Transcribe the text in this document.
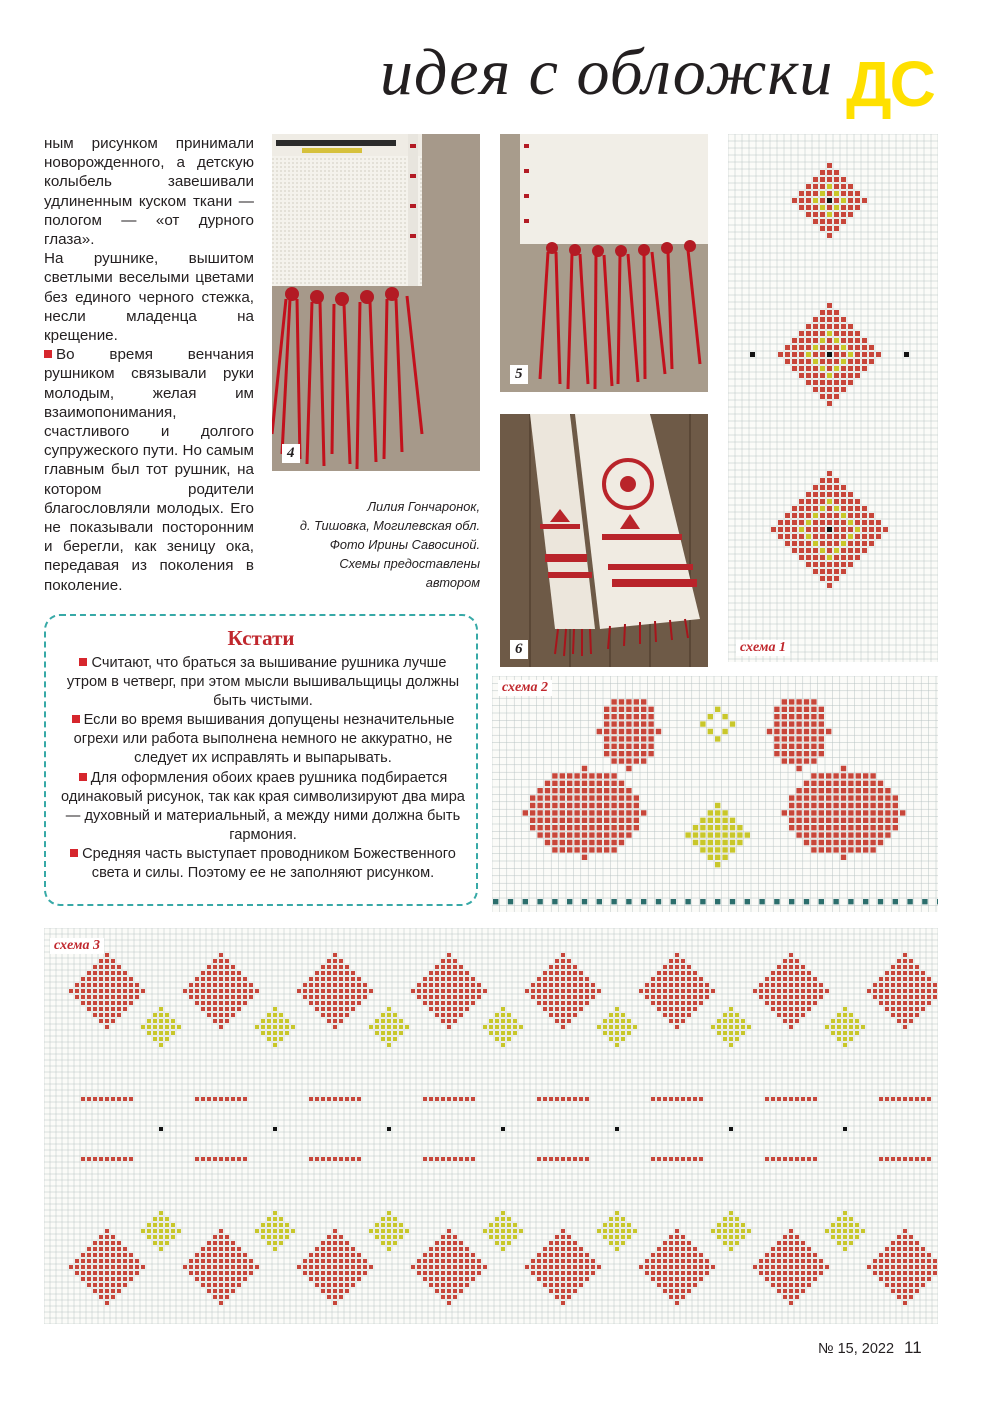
идея с обложки ДС

ным рисунком принимали новорожденного, а детскую колыбель завешивали удлиненным куском ткани — пологом — «от дурного глаза».

На рушнике, вышитом светлыми веселыми цветами без единого черного стежка, несли младенца на крещение.

Во время венчания рушником связывали руки молодым, желая им взаимопонимания, счастливого и долгого супружеского пути. Но самым главным был тот рушник, на котором родители благословляли молодых. Его не показывали посторонним и берегли, как зеницу ока, передавая из поколения в поколение.

4
5
6
Лилия Гончаронок,
д. Тишовка, Могилевская обл.
Фото Ирины Савосиной.
Схемы предоставлены
автором
Кстати

Считают, что браться за вышивание рушника лучше утром в четверг, при этом мысли вышивальщицы должны быть чистыми.

Если во время вышивания допущены незначительные огрехи или работа выполнена немного не аккуратно, не следует их исправлять и выпарывать.

Для оформления обоих краев рушника подбирается одинаковый рисунок, так как края символизируют два мира — духовный и материальный, а между ними должна быть гармония.

Средняя часть выступает проводником Божественного света и силы. Поэтому ее не заполняют рисунком.

схема 1
схема 2
схема 3
№ 15, 2022 11
